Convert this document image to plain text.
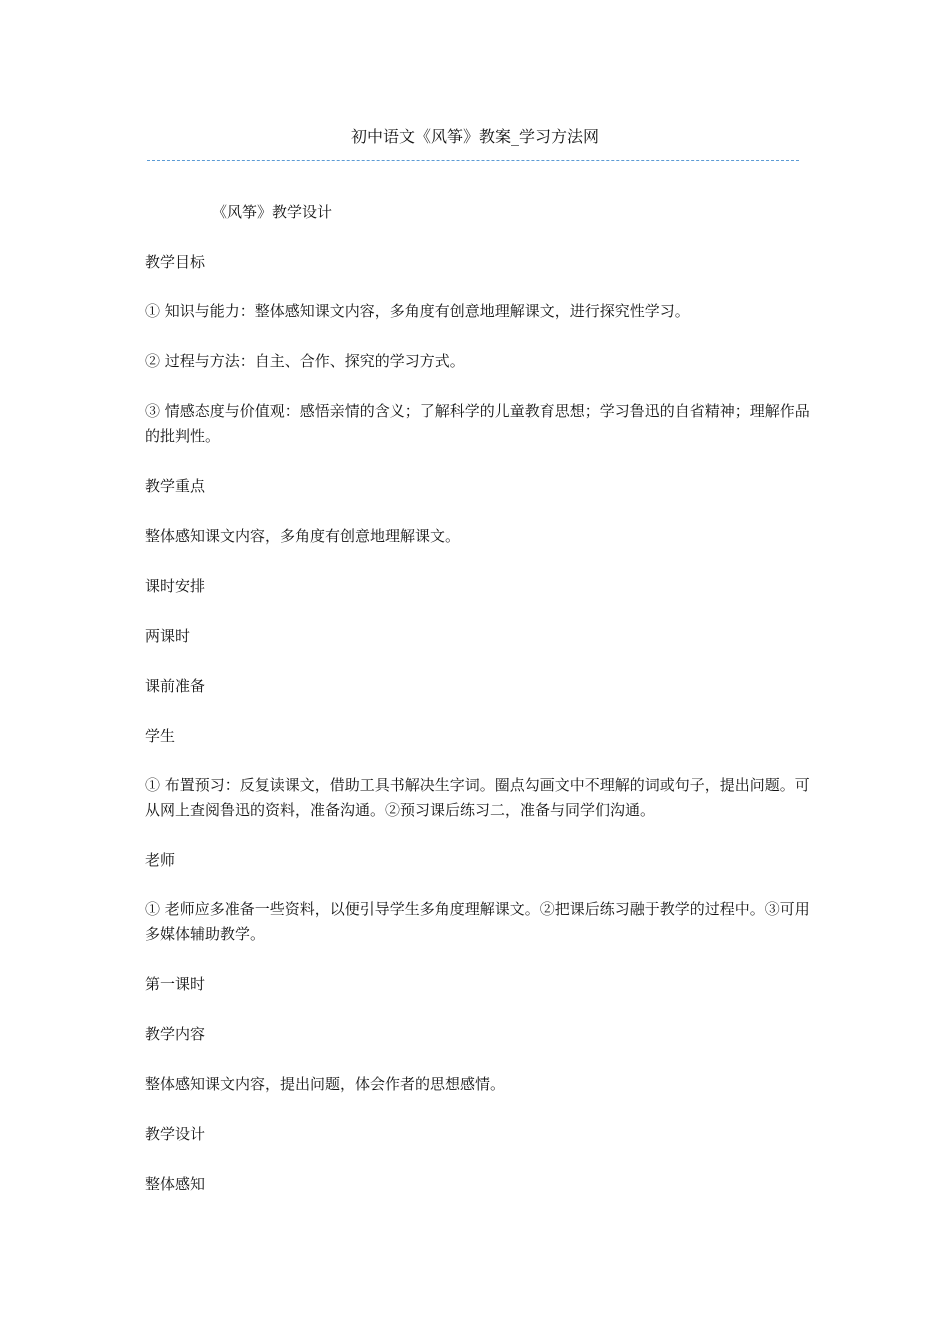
初中语文《风筝》教案_学习方法网

《风筝》教学设计

教学目标

① 知识与能力：整体感知课文内容，多角度有创意地理解课文，进行探究性学习。

② 过程与方法：自主、合作、探究的学习方式。

③ 情感态度与价值观：感悟亲情的含义；了解科学的儿童教育思想；学习鲁迅的自省精神；理解作品的批判性。

教学重点

整体感知课文内容，多角度有创意地理解课文。

课时安排

两课时

课前准备

学生

① 布置预习：反复读课文，借助工具书解决生字词。圈点勾画文中不理解的词或句子，提出问题。可从网上查阅鲁迅的资料，准备沟通。②预习课后练习二，准备与同学们沟通。

老师

① 老师应多准备一些资料，以便引导学生多角度理解课文。②把课后练习融于教学的过程中。③可用多媒体辅助教学。

第一课时

教学内容

整体感知课文内容，提出问题，体会作者的思想感情。

教学设计

整体感知
